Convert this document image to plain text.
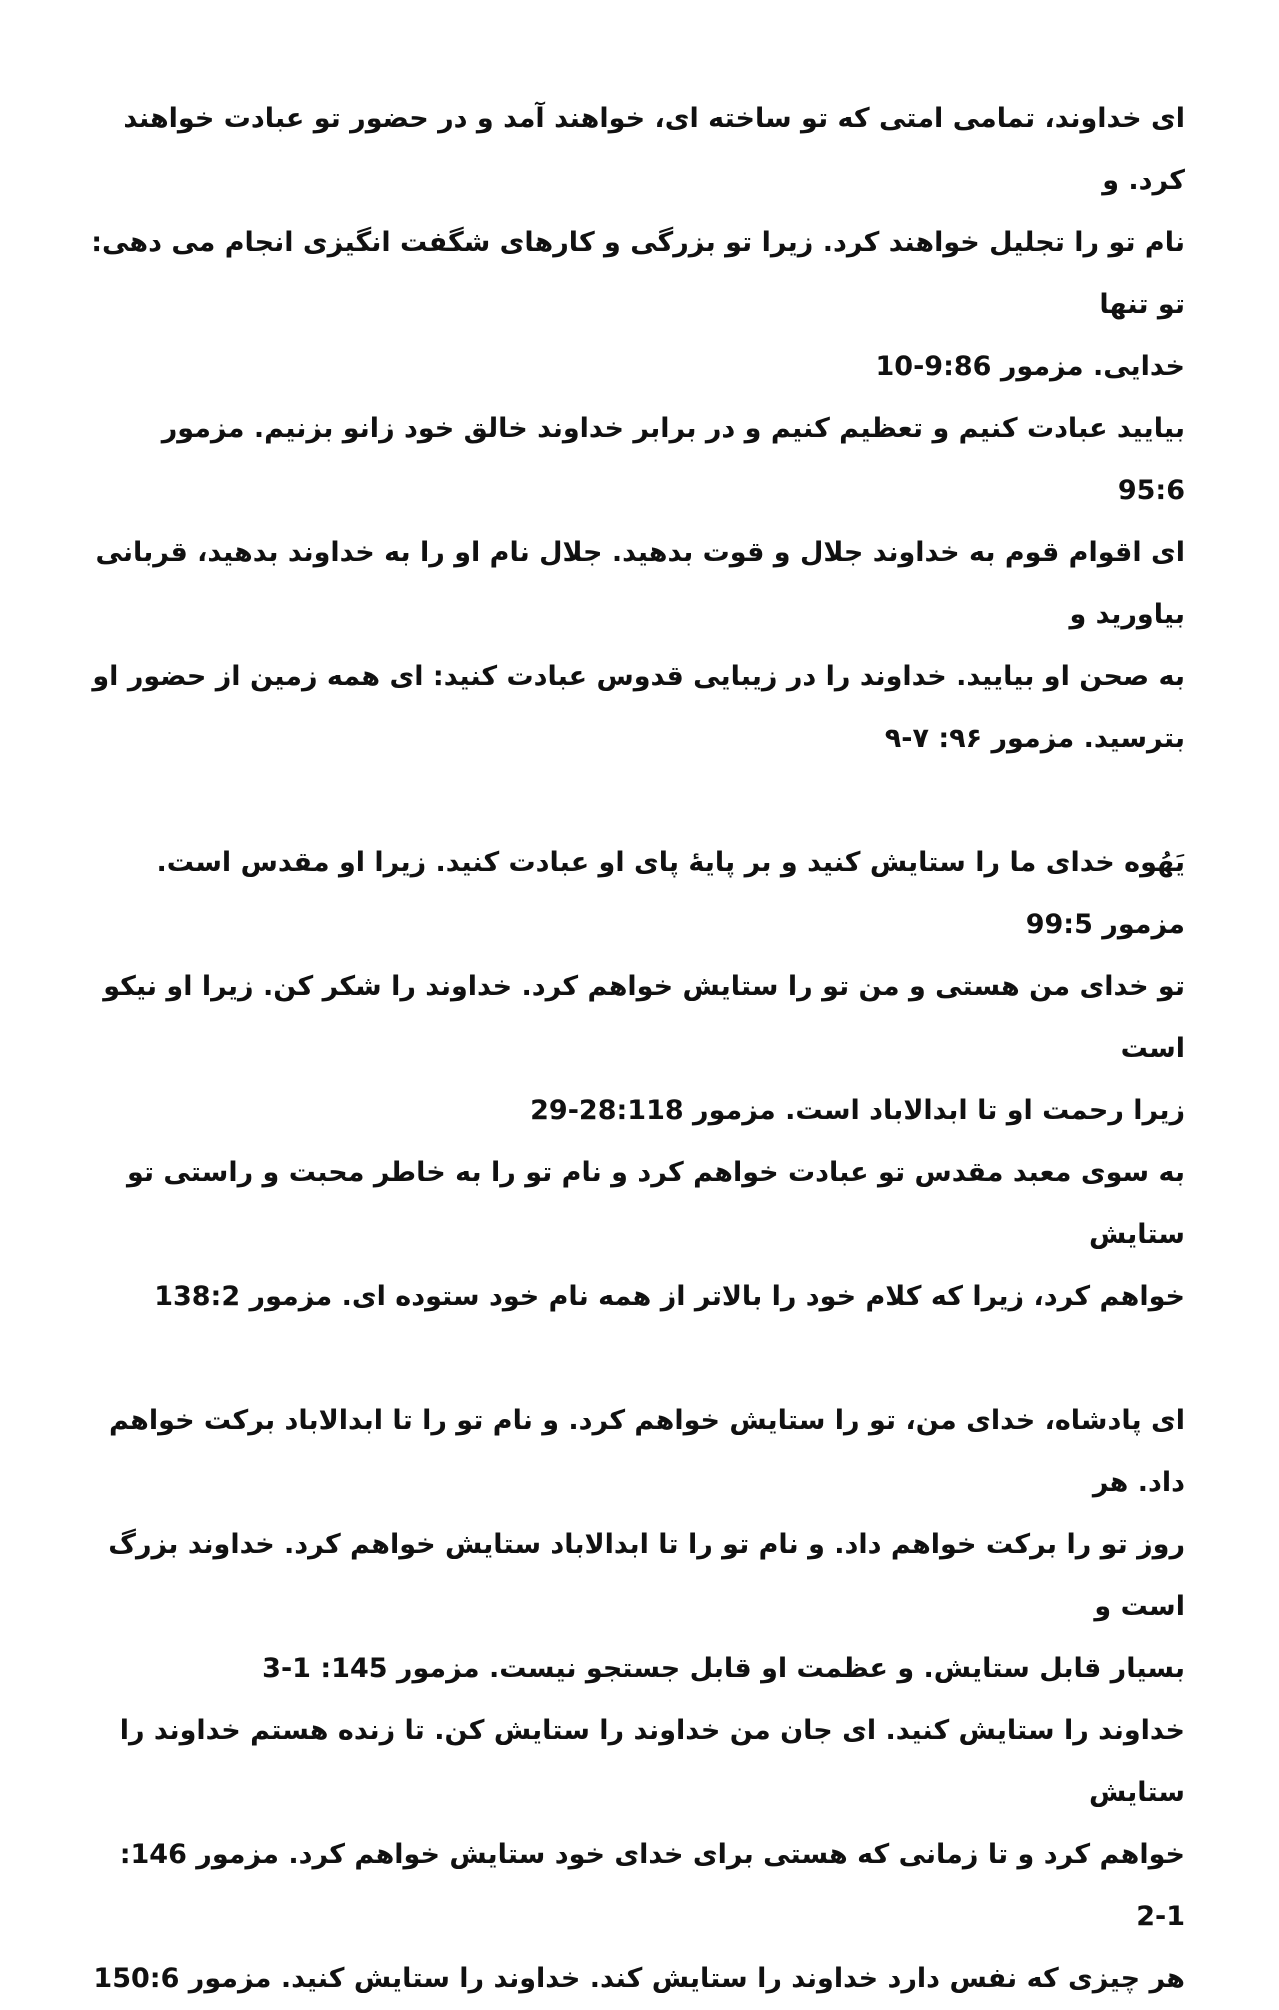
ای خداوند، تمامی امتی که تو ساخته ای، خواهند آمد و در حضور تو عبادت خواهند کرد. و
نام تو را تجلیل خواهند کرد. زیرا تو بزرگی و کارهای شگفت انگیزی انجام می دهی: تو تنها
خدایی. مزمور 9:86-10
بیایید عبادت کنیم و تعظیم کنیم و در برابر خداوند خالق خود زانو بزنیم. مزمور 95:6
ای اقوام قوم به خداوند جلال و قوت بدهید. جلال نام او را به خداوند بدهید، قربانی بیاورید و
به صحن او بیایید. خداوند را در زیبایی قدوس عبادت کنید: ای همه زمین از حضور او
بترسید. مزمور ۹۶: ۷-۹
یَهُوه خدای ما را ستایش کنید و بر پایهٔ پای او عبادت کنید. زیرا او مقدس است. مزمور 99:5
تو خدای من هستی و من تو را ستایش خواهم کرد. خداوند را شکر کن. زیرا او نیکو است
زیرا رحمت او تا ابدالاباد است. مزمور 28:118-29
به سوی معبد مقدس تو عبادت خواهم کرد و نام تو را به خاطر محبت و راستی تو ستایش
خواهم کرد، زیرا که کلام خود را بالاتر از همه نام خود ستوده ای. مزمور 138:2
ای پادشاه، خدای من، تو را ستایش خواهم کرد. و نام تو را تا ابدالاباد برکت خواهم داد. هر
روز تو را برکت خواهم داد. و نام تو را تا ابدالاباد ستایش خواهم کرد. خداوند بزرگ است و
بسیار قابل ستایش. و عظمت او قابل جستجو نیست. مزمور 145: 1-3
خداوند را ستایش کنید. ای جان من خداوند را ستایش کن. تا زنده هستم خداوند را ستایش
خواهم کرد و تا زمانی که هستی برای خدای خود ستایش خواهم کرد. مزمور 146: 1-2
هر چیزی که نفس دارد خداوند را ستایش کند. خداوند را ستایش کنید. مزمور 150:6
